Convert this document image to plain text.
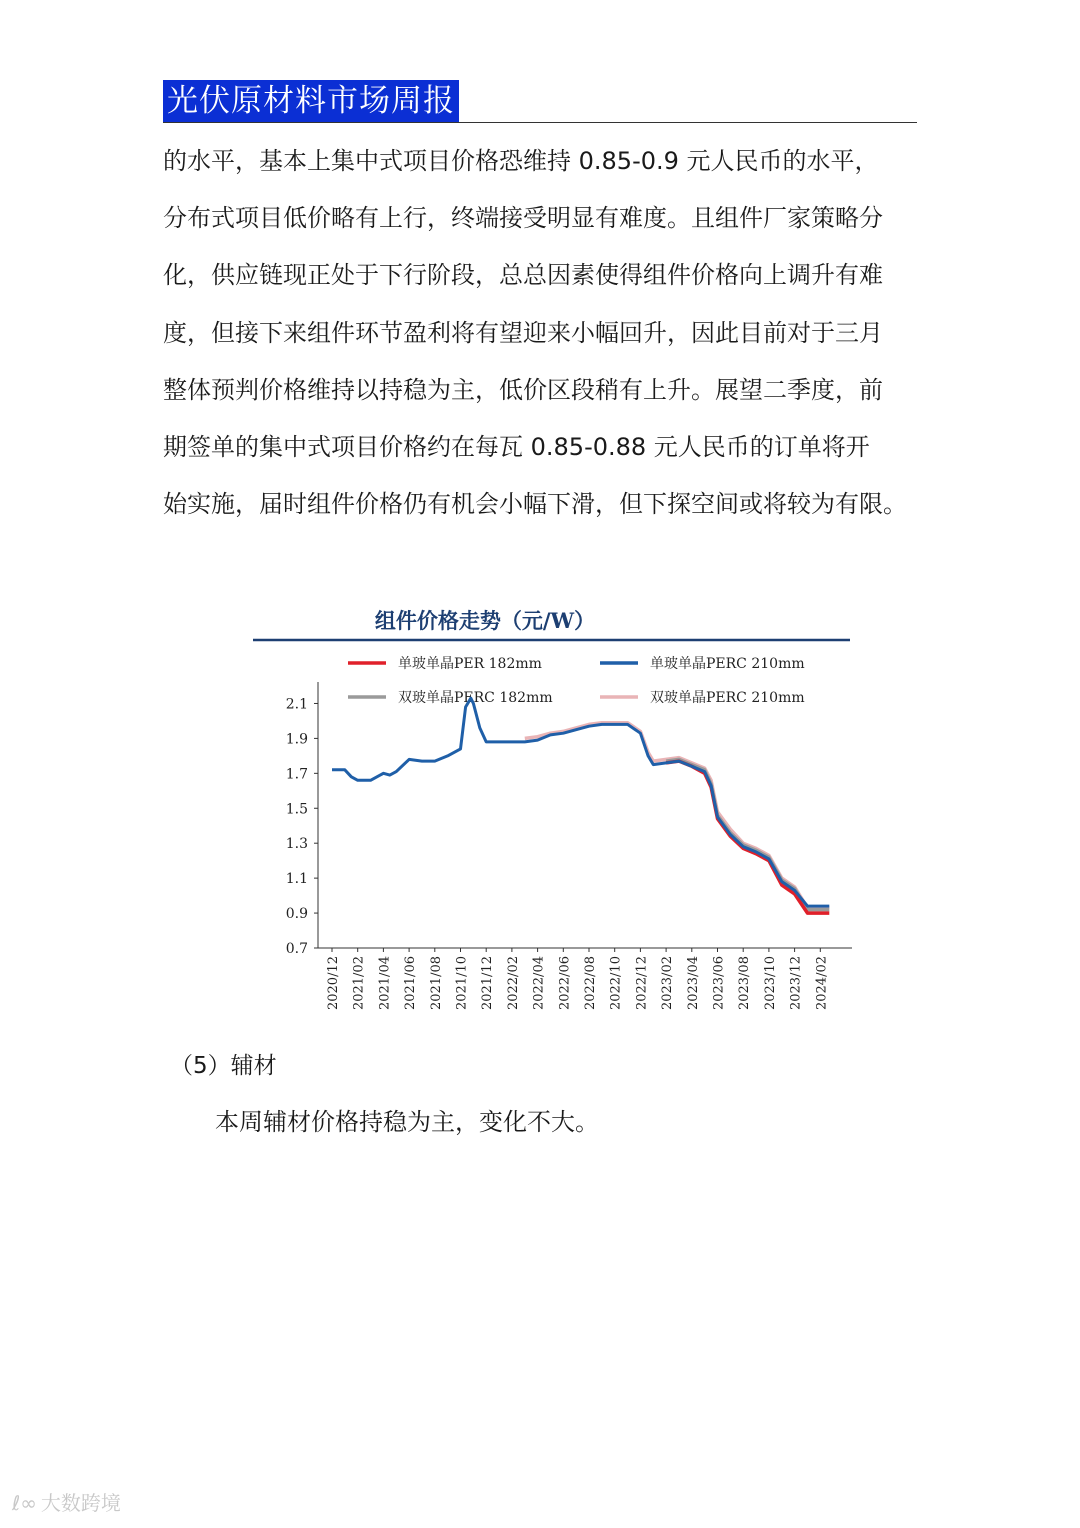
光伏原材料市场周报

的水平，基本上集中式项目价格恐维持 0.85-0.9 元人民币的水平，

分布式项目低价略有上行，终端接受明显有难度。且组件厂家策略分

化，供应链现正处于下行阶段，总总因素使得组件价格向上调升有难

度，但接下来组件环节盈利将有望迎来小幅回升，因此目前对于三月

整体预判价格维持以持稳为主，低价区段稍有上升。展望二季度，前

期签单的集中式项目价格约在每瓦 0.85-0.88 元人民币的订单将开

始实施，届时组件价格仍有机会小幅下滑，但下探空间或将较为有限。

组件价格走势（元/W）
单玻单晶PER 182mm	单玻单晶PERC 210mm
双玻单晶PERC 182mm	双玻单晶PERC 210mm
0.7
0.9
1.1
1.3
1.5
1.7
1.9
2.1
2020/12 2021/02 2021/04 2021/06 2021/08 2021/10 2021/12 2022/02 2022/04 2022/06 2022/08 2022/10 2022/12 2023/02 2023/04 2023/06 2023/08 2023/10 2023/12 2024/02

（5）辅材

本周辅材价格持稳为主，变化不大。

ℓ∞ 大数跨境
